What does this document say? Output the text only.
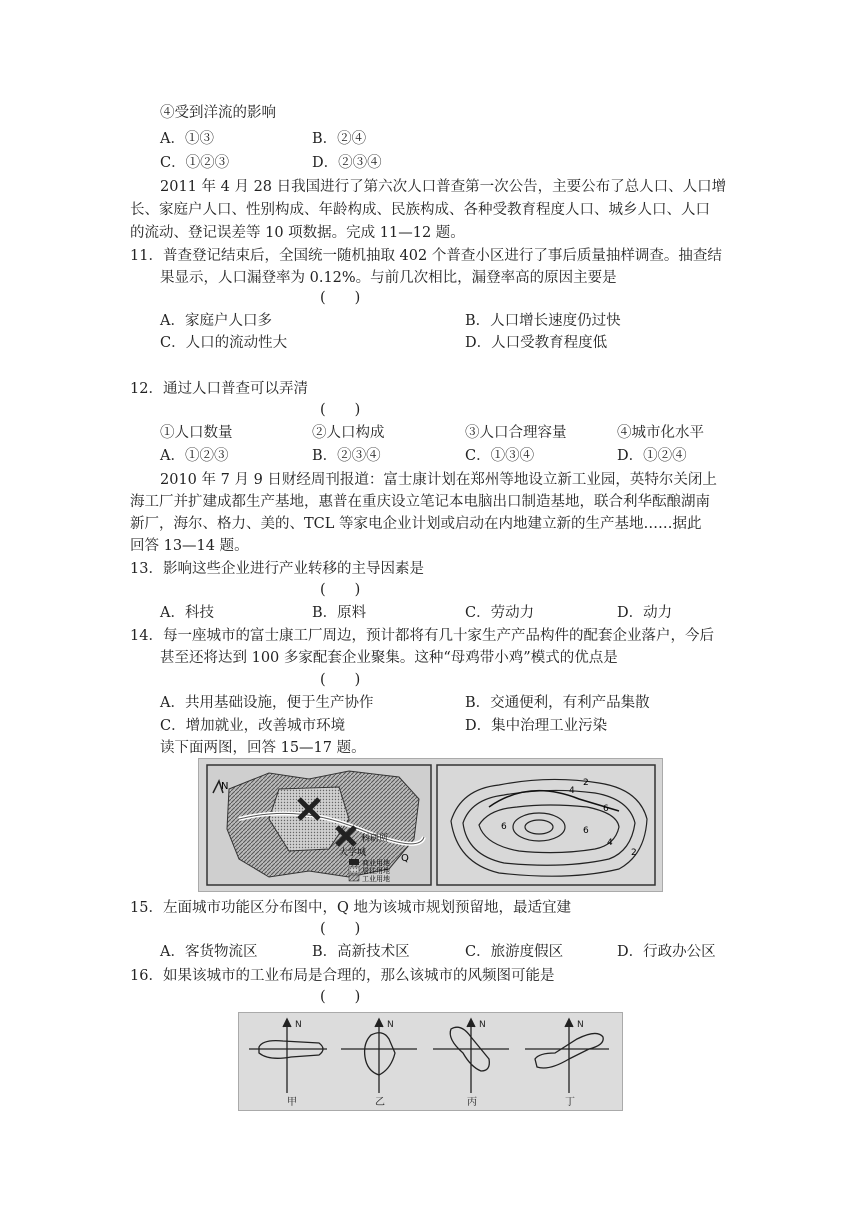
④受到洋流的影响
A．①③	B．②④
C．①②③	D．②③④
2011 年 4 月 28 日我国进行了第六次人口普查第一次公告，主要公布了总人口、人口增
长、家庭户人口、性别构成、年龄构成、民族构成、各种受教育程度人口、城乡人口、人口
的流动、登记误差等 10 项数据。完成 11—12 题。
11．普查登记结束后，全国统一随机抽取 402 个普查小区进行了事后质量抽样调查。抽查结
果显示，人口漏登率为 0.12%。与前几次相比，漏登率高的原因主要是
(　　)
A．家庭户人口多	B．人口增长速度仍过快
C．人口的流动性大	D．人口受教育程度低
12．通过人口普查可以弄清
(　　)
①人口数量	②人口构成	③人口合理容量	④城市化水平
A．①②③	B．②③④	C．①③④	D．①②④
2010 年 7 月 9 日财经周刊报道：富士康计划在郑州等地设立新工业园，英特尔关闭上
海工厂并扩建成都生产基地，惠普在重庆设立笔记本电脑出口制造基地，联合利华酝酿湖南
新厂，海尔、格力、美的、TCL 等家电企业计划或启动在内地建立新的生产基地……据此
回答 13—14 题。
13．影响这些企业进行产业转移的主导因素是
(　　)
A．科技	B．原料	C．劳动力	D．动力
14．每一座城市的富士康工厂周边，预计都将有几十家生产产品构件的配套企业落户，今后
甚至还将达到 100 多家配套企业聚集。这种“母鸡带小鸡”模式的优点是
(　　)
A．共用基础设施，便于生产协作	B．交通便利，有利产品集散
C．增加就业，改善城市环境	D．集中治理工业污染
读下面两图，回答 15—17 题。
N
科研所
大学城	Q
商业用地
居住用地
工业用地
2
4
6
6
4
2
6
15．左面城市功能区分布图中，Q 地为该城市规划预留地，最适宜建
(　　)
A．客货物流区	B．高新技术区	C．旅游度假区	D．行政办公区
16．如果该城市的工业布局是合理的，那么该城市的风频图可能是
(　　)
N
甲
N
乙
N
丙
N
丁
